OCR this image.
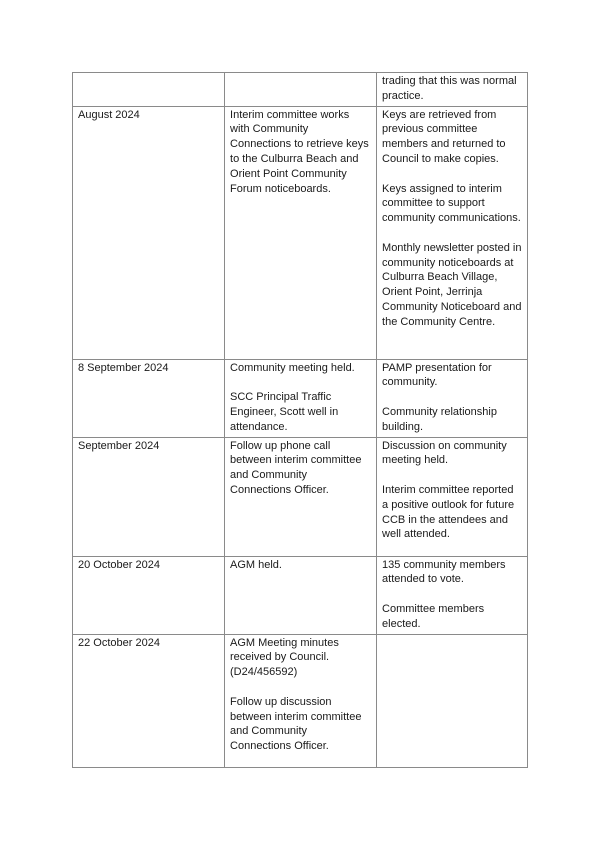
		trading that this was normal practice.

August 2024	Interim committee works with Community Connections to retrieve keys to the Culburra Beach and Orient Point Community Forum noticeboards.	Keys are retrieved from previous committee members and returned to Council to make copies.
Keys assigned to interim committee to support community communications.
Monthly newsletter posted in community noticeboards at Culburra Beach Village, Orient Point, Jerrinja Community Noticeboard and the Community Centre.

8 September 2024	Community meeting held.
SCC Principal Traffic Engineer, Scott well in attendance.	PAMP presentation for community.
Community relationship building.

September 2024	Follow up phone call between interim committee and Community Connections Officer.	Discussion on community meeting held.
Interim committee reported a positive outlook for future CCB in the attendees and well attended.

20 October 2024	AGM held.	135 community members attended to vote.
Committee members elected.

22 October 2024	AGM Meeting minutes received by Council. (D24/456592)
Follow up discussion between interim committee and Community Connections Officer.	
